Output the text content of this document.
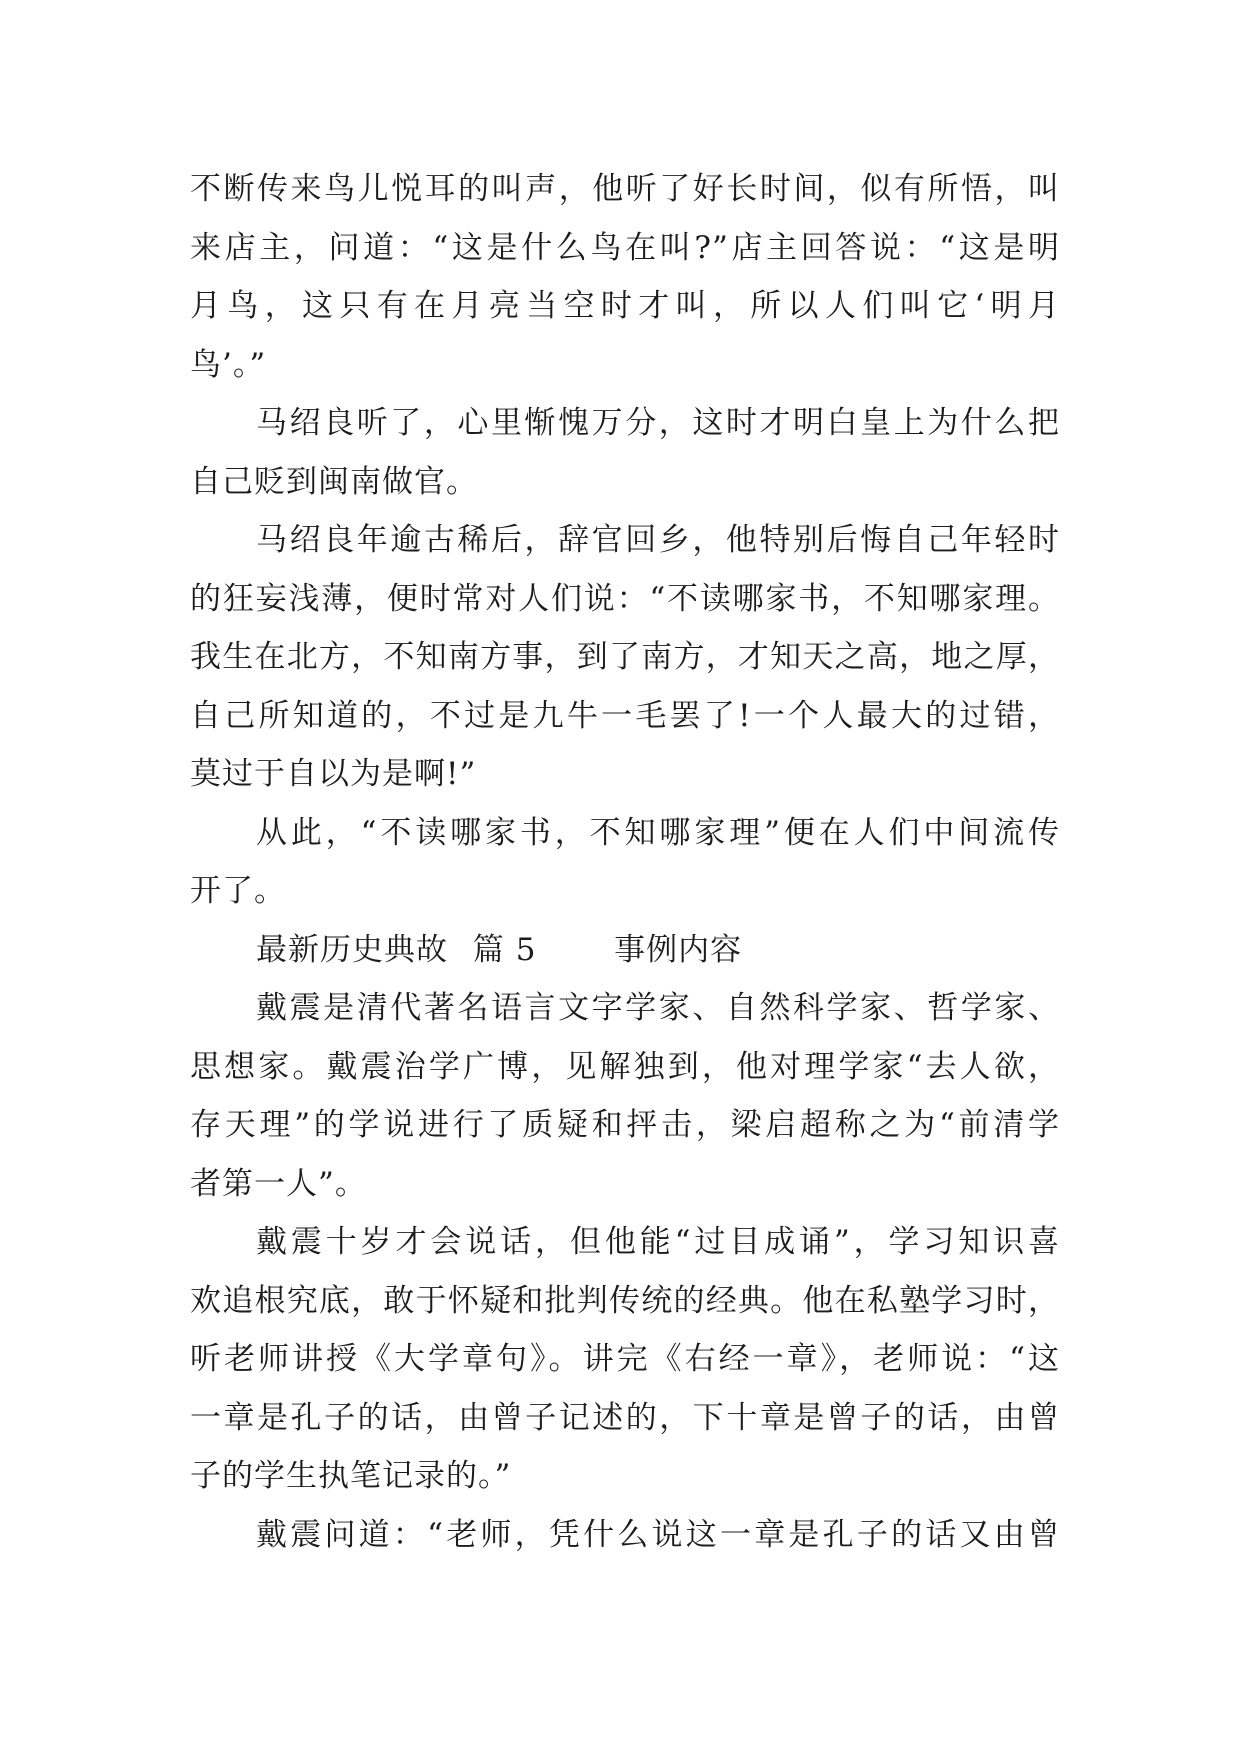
不断传来鸟儿悦耳的叫声，他听了好长时间，似有所悟，叫
来店主，问道：“这是什么鸟在叫?”店主回答说：“这是明
月鸟，这只有在月亮当空时才叫，所以人们叫它‘明月
鸟’。”
马绍良听了，心里惭愧万分，这时才明白皇上为什么把
自己贬到闽南做官。
马绍良年逾古稀后，辞官回乡，他特别后悔自己年轻时
的狂妄浅薄，便时常对人们说：“不读哪家书，不知哪家理。
我生在北方，不知南方事，到了南方，才知天之高，地之厚，
自己所知道的，不过是九牛一毛罢了!一个人最大的过错，
莫过于自以为是啊!”
从此，“不读哪家书，不知哪家理”便在人们中间流传
开了。
最新历史典故 篇 5	事例内容
戴震是清代著名语言文字学家、自然科学家、哲学家、
思想家。戴震治学广博，见解独到，他对理学家“去人欲，
存天理”的学说进行了质疑和抨击，梁启超称之为“前清学
者第一人”。
戴震十岁才会说话，但他能“过目成诵”，学习知识喜
欢追根究底，敢于怀疑和批判传统的经典。他在私塾学习时，
听老师讲授《大学章句》。讲完《右经一章》，老师说：“这
一章是孔子的话，由曾子记述的，下十章是曾子的话，由曾
子的学生执笔记录的。”
戴震问道：“老师，凭什么说这一章是孔子的话又由曾
